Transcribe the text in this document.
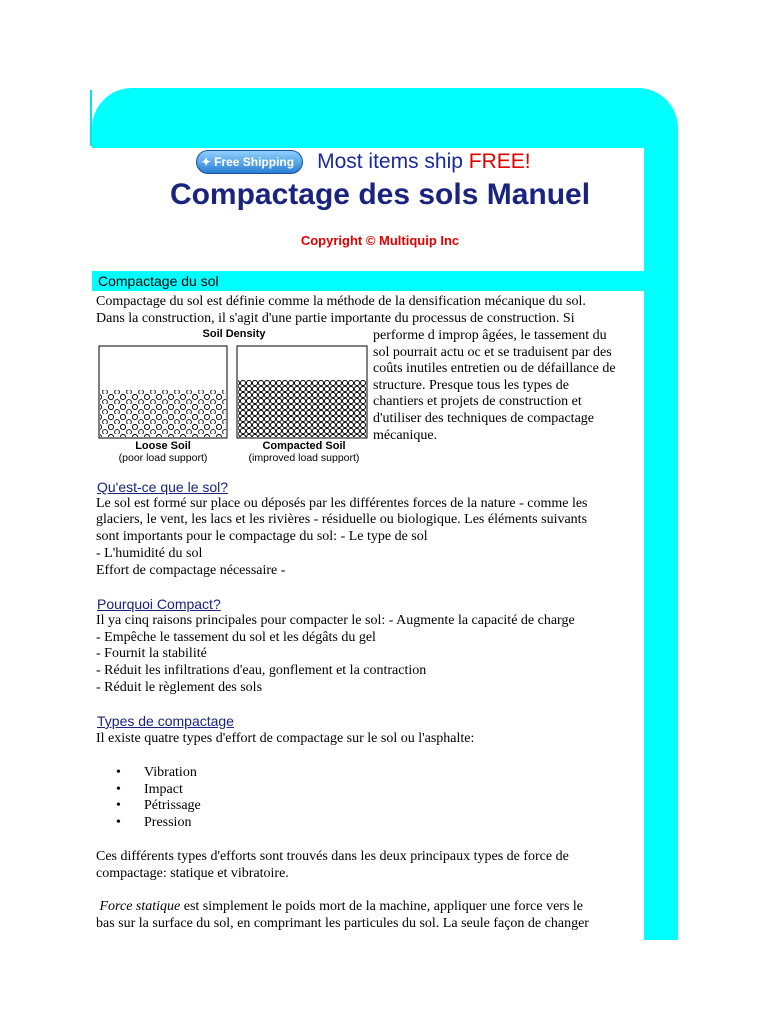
✦ Free Shipping Most items ship FREE!
Compactage des sols Manuel
Copyright © Multiquip Inc
Compactage du sol
Compactage du sol est définie comme la méthode de la densification mécanique du sol.
Dans la construction, il s'agit d'une partie importante du processus de construction. Si
performe d improp âgées, le tassement du
sol pourrait actu oc et se traduisent par des
coûts inutiles entretien ou de défaillance de
structure. Presque tous les types de
chantiers et projets de construction et
d'utiliser des techniques de compactage
mécanique.
Soil Density
Loose Soil
(poor load support)
Compacted Soil
(improved load support)
Qu'est-ce que le sol?
Le sol est formé sur place ou déposés par les différentes forces de la nature - comme les
glaciers, le vent, les lacs et les rivières - résiduelle ou biologique. Les éléments suivants
sont importants pour le compactage du sol: - Le type de sol
- L'humidité du sol
Effort de compactage nécessaire -
Pourquoi Compact?
Il ya cinq raisons principales pour compacter le sol: - Augmente la capacité de charge
- Empêche le tassement du sol et les dégâts du gel
- Fournit la stabilité
- Réduit les infiltrations d'eau, gonflement et la contraction
- Réduit le règlement des sols
Types de compactage
Il existe quatre types d'effort de compactage sur le sol ou l'asphalte:
• Vibration
• Impact
• Pétrissage
• Pression
Ces différents types d'efforts sont trouvés dans les deux principaux types de force de
compactage: statique et vibratoire.
Force statique est simplement le poids mort de la machine, appliquer une force vers le
bas sur la surface du sol, en comprimant les particules du sol. La seule façon de changer
